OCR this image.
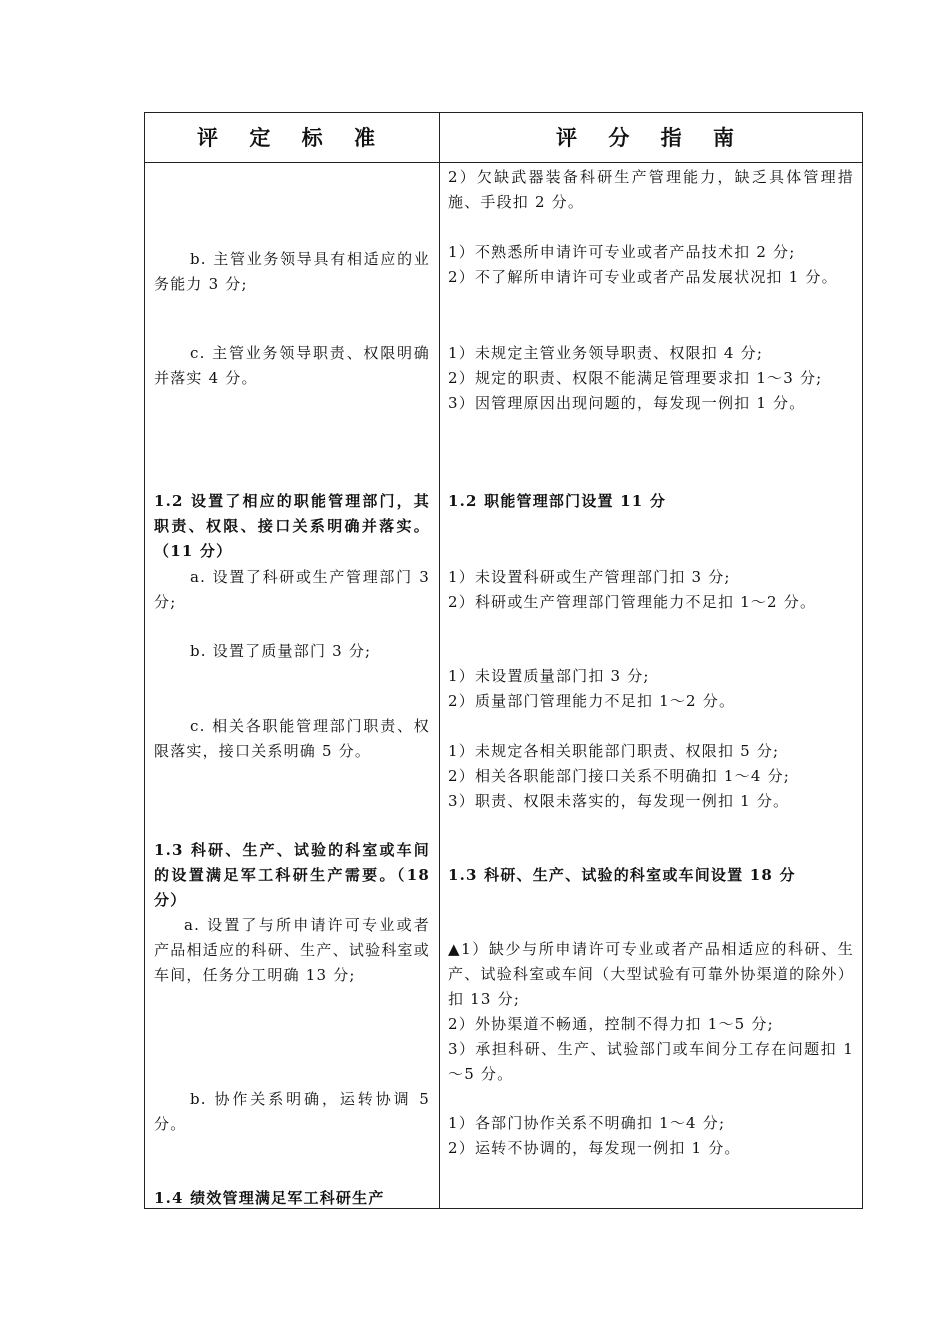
评 定 标 准	评 分 指 南

b. 主管业务领导具有相适应的业务能力 3 分;

c. 主管业务领导职责、权限明确并落实 4 分。

1.2 设置了相应的职能管理部门，其职责、权限、接口关系明确并落实。（11 分）

a. 设置了科研或生产管理部门 3 分;

b. 设置了质量部门 3 分;

c. 相关各职能管理部门职责、权限落实，接口关系明确 5 分。

1.3 科研、生产、试验的科室或车间的设置满足军工科研生产需要。（18 分）

a. 设置了与所申请许可专业或者产品相适应的科研、生产、试验科室或车间，任务分工明确 13 分;

b. 协作关系明确，运转协调 5 分。

1.4 绩效管理满足军工科研生产

2）欠缺武器装备科研生产管理能力，缺乏具体管理措施、手段扣 2 分。

1）不熟悉所申请许可专业或者产品技术扣 2 分;

2）不了解所申请许可专业或者产品发展状况扣 1 分。

1）未规定主管业务领导职责、权限扣 4 分;

2）规定的职责、权限不能满足管理要求扣 1～3 分;

3）因管理原因出现问题的，每发现一例扣 1 分。

1.2 职能管理部门设置 11 分

1）未设置科研或生产管理部门扣 3 分;

2）科研或生产管理部门管理能力不足扣 1～2 分。

1）未设置质量部门扣 3 分;

2）质量部门管理能力不足扣 1～2 分。

1）未规定各相关职能部门职责、权限扣 5 分;

2）相关各职能部门接口关系不明确扣 1～4 分;

3）职责、权限未落实的，每发现一例扣 1 分。

1.3 科研、生产、试验的科室或车间设置 18 分

▲1）缺少与所申请许可专业或者产品相适应的科研、生产、试验科室或车间（大型试验有可靠外协渠道的除外）扣 13 分;

2）外协渠道不畅通，控制不得力扣 1～5 分;

3）承担科研、生产、试验部门或车间分工存在问题扣 1～5 分。

1）各部门协作关系不明确扣 1～4 分;

2）运转不协调的，每发现一例扣 1 分。
